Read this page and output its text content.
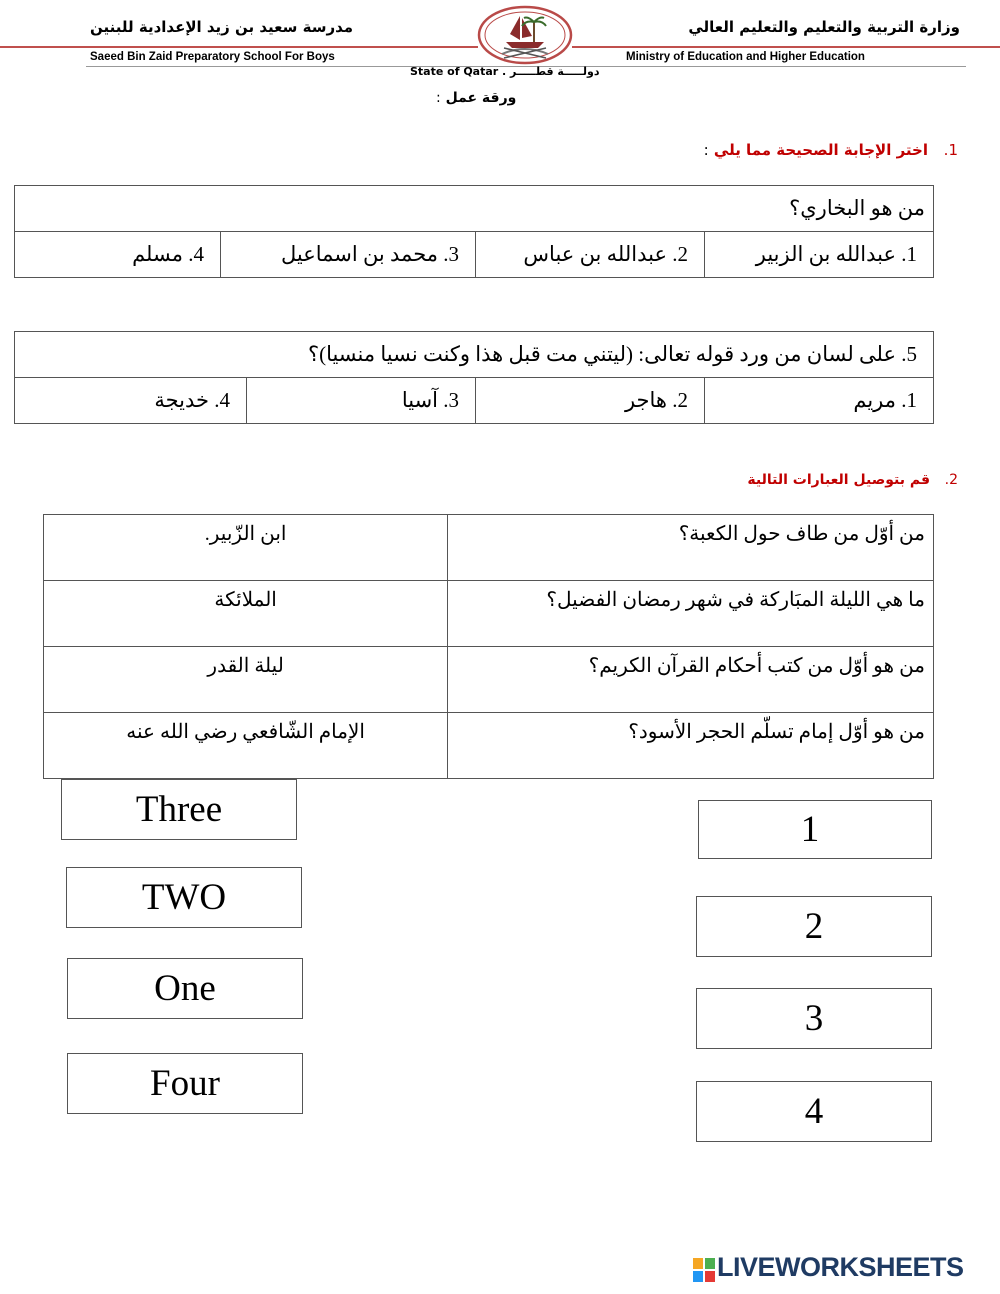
وزارة التربية والتعليم والتعليم العالي
مدرسة سعيد بن زيد الإعدادية للبنين
Saeed Bin Zaid Preparatory School For Boys	Ministry of Education and Higher Education
State of Qatar . دولـــــة قطـــــر
ورقة عمل :
1.   اختر الإجابة الصحيحة مما يلي :
من هو البخاري؟
1. عبدالله بن الزبير	2. عبدالله بن عباس	3. محمد بن اسماعيل	4. مسلم
5. على لسان من ورد قوله تعالى: (ليتني مت قبل هذا وكنت نسيا منسيا)؟
1. مريم	2. هاجر	3. آسيا	4. خديجة
2.   قم بتوصيل العبارات التالية
من أوّل من طاف حول الكعبة؟	ابن الزّبير.
ما هي الليلة المبَاركة في شهر رمضان الفضيل؟	الملائكة
من هو أوّل من كتب أحكام القرآن الكريم؟	ليلة القدر
من هو أوّل إمام تسلّم الحجر الأسود؟	الإمام الشّافعي رضي الله عنه
Three
TWO
One
Four
1
2
3
4
LIVEWORKSHEETS
